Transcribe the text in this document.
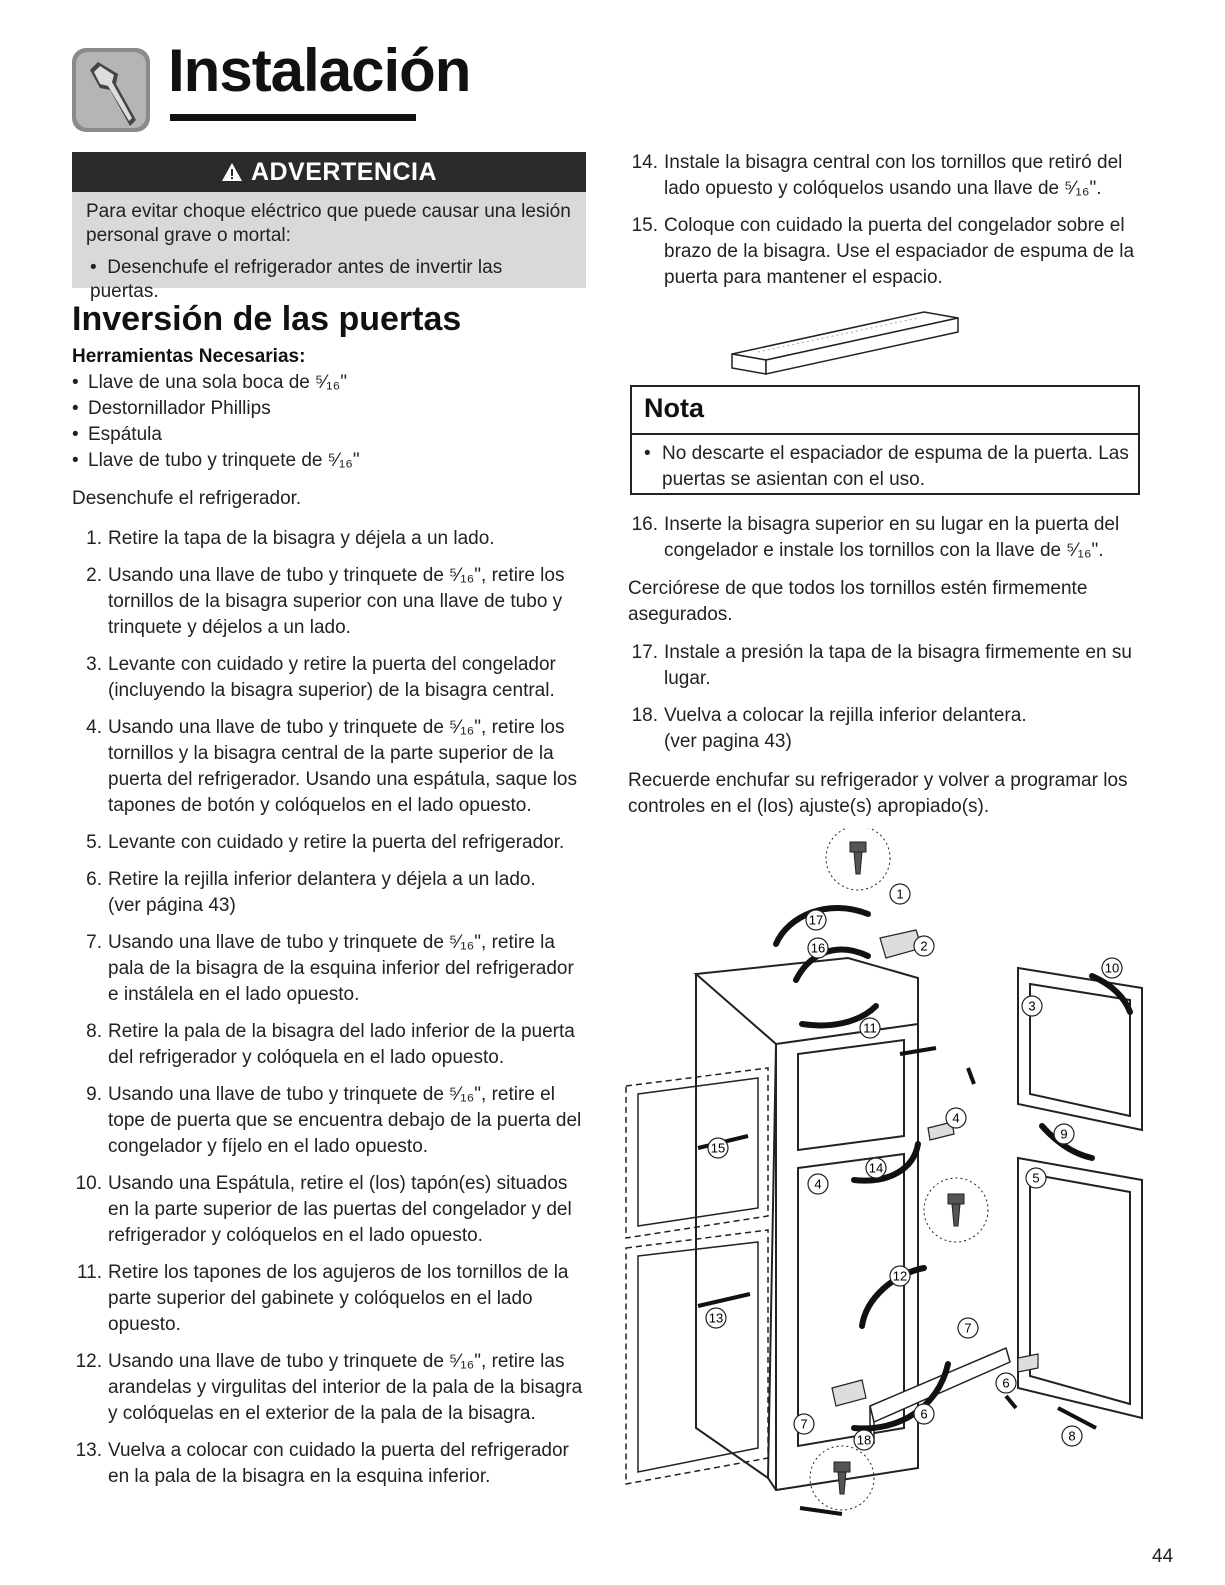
Instalación
ADVERTENCIA

Para evitar choque eléctrico que puede causar una lesión

personal grave o mortal:

•  Desenchufe el refrigerador antes de invertir las puertas.

Inversión de las puertas
Herramientas Necesarias:
• Llave de una sola boca de ⁵⁄₁₆"
• Destornillador Phillips
• Espátula
• Llave de tubo y trinquete de ⁵⁄₁₆"
Desenchufe el refrigerador.
1. Retire la tapa de la bisagra y déjela a un lado.
2. Usando una llave de tubo y trinquete de ⁵⁄₁₆", retire los
tornillos de la bisagra superior con una llave de tubo y
trinquete y déjelos a un lado.
3. Levante con cuidado y retire la puerta del congelador
(incluyendo la bisagra superior) de la bisagra central.
4. Usando una llave de tubo y trinquete de ⁵⁄₁₆", retire los
tornillos y la bisagra central de la parte superior de la
puerta del refrigerador. Usando una espátula, saque los
tapones de botón y colóquelos en el lado opuesto.
5. Levante con cuidado y retire la puerta del refrigerador.
6. Retire la rejilla inferior delantera y déjela a un lado.
(ver página 43)
7. Usando una llave de tubo y trinquete de ⁵⁄₁₆", retire la
pala de la bisagra de la esquina inferior del refrigerador
e instálela en el lado opuesto.
8. Retire la pala de la bisagra del lado inferior de la puerta
del refrigerador y colóquela en el lado opuesto.
9. Usando una llave de tubo y trinquete de ⁵⁄₁₆", retire el
tope de puerta que se encuentra debajo de la puerta del
congelador y fíjelo en el lado opuesto.
10. Usando una Espátula, retire el (los) tapón(es) situados
en la parte superior de las puertas del congelador y del
refrigerador y colóquelos en el lado opuesto.
11. Retire los tapones de los agujeros de los tornillos de la
parte superior del gabinete y colóquelos en el lado
opuesto.
12. Usando una llave de tubo y trinquete de ⁵⁄₁₆", retire las
arandelas y virgulitas del interior de la pala de la bisagra
y colóquelas en el exterior de la pala de la bisagra.
13. Vuelva a colocar con cuidado la puerta del refrigerador
en la pala de la bisagra en la esquina inferior.
14. Instale la bisagra central con los tornillos que retiró del
lado opuesto y colóquelos usando una llave de ⁵⁄₁₆".
15. Coloque con cuidado la puerta del congelador sobre el
brazo de la bisagra. Use el espaciador de espuma de la
puerta para mantener el espacio.
Nota
• No descarte el espaciador de espuma de la puerta. Las
puertas se asientan con el uso.
16. Inserte la bisagra superior en su lugar en la puerta del
congelador e instale los tornillos con la llave de ⁵⁄₁₆".
Cerciórese de que todos los tornillos estén firmemente
asegurados.
17. Instale a presión la tapa de la bisagra firmemente en su
lugar.
18. Vuelva a colocar la rejilla inferior delantera.
(ver pagina 43)
Recuerde enchufar su refrigerador y volver a programar los
controles en el (los) ajuste(s) apropiado(s).
1
2
3
4
4	5
6
6
7
7
8
9
10
11
12
13
14
15
16
17
18
44
